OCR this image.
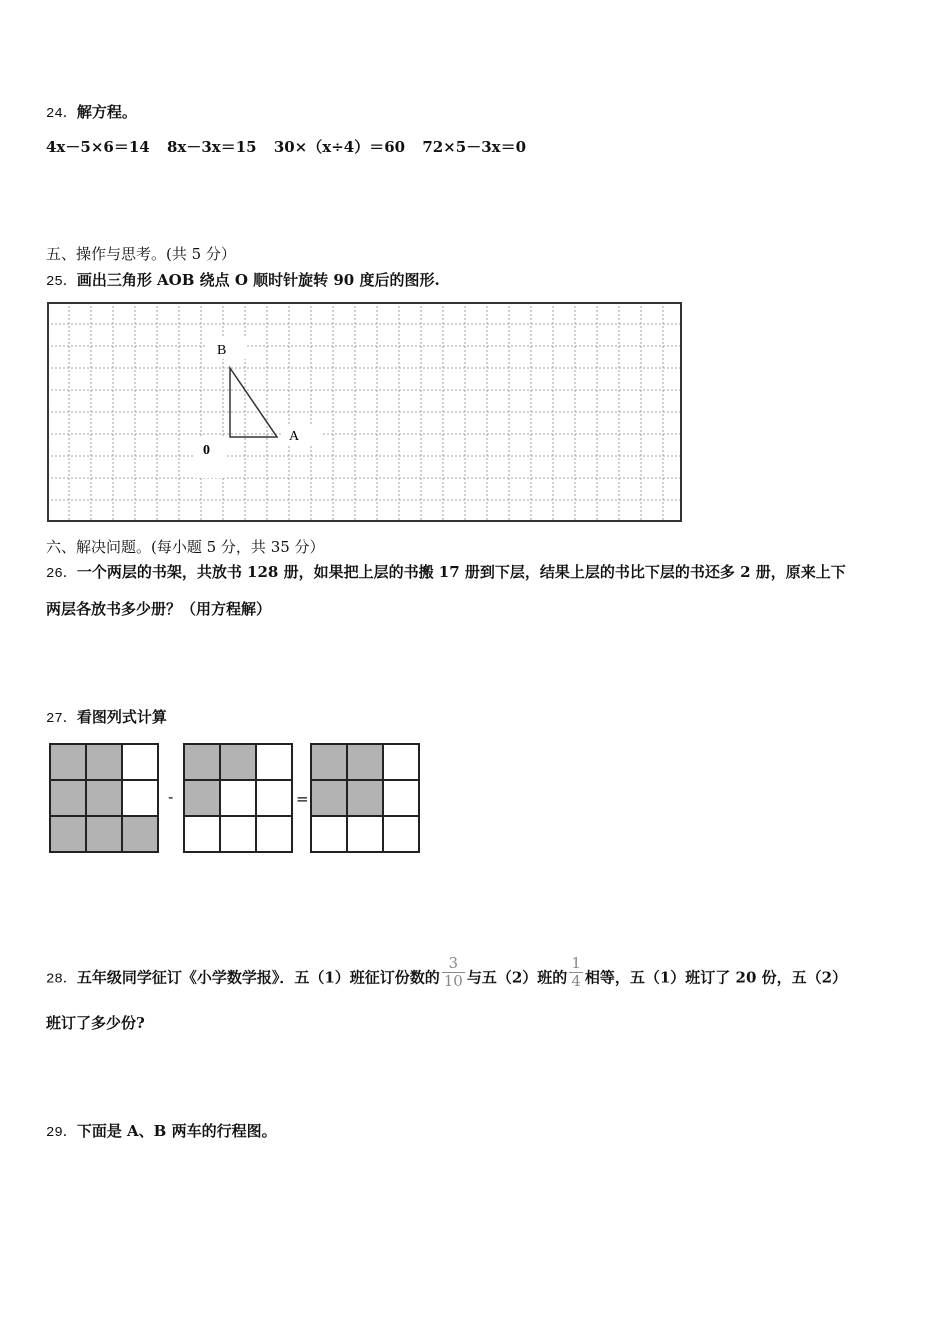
24．解方程。
4x－5×6＝14 8x－3x＝15 30×（x÷4）＝60 72×5－3x＝0
五、操作与思考。(共 5 分）
25．画出三角形 AOB 绕点 O 顺时针旋转 90 度后的图形.
B
A
0
六、解决问题。(每小题 5 分，共 35 分）
26．一个两层的书架，共放书 128 册，如果把上层的书搬 17 册到下层，结果上层的书比下层的书还多 2 册，原来上下
两层各放书多少册？（用方程解）
27．看图列式计算
-	=
28．五年级同学征订《小学数学报》．五（1）班征订份数的 $\frac{3}{10}$ 与五（2）班的 $\frac{1}{4}$ 相等，五（1）班订了 20 份，五（2）
班订了多少份?
29．下面是 A、B 两车的行程图。
